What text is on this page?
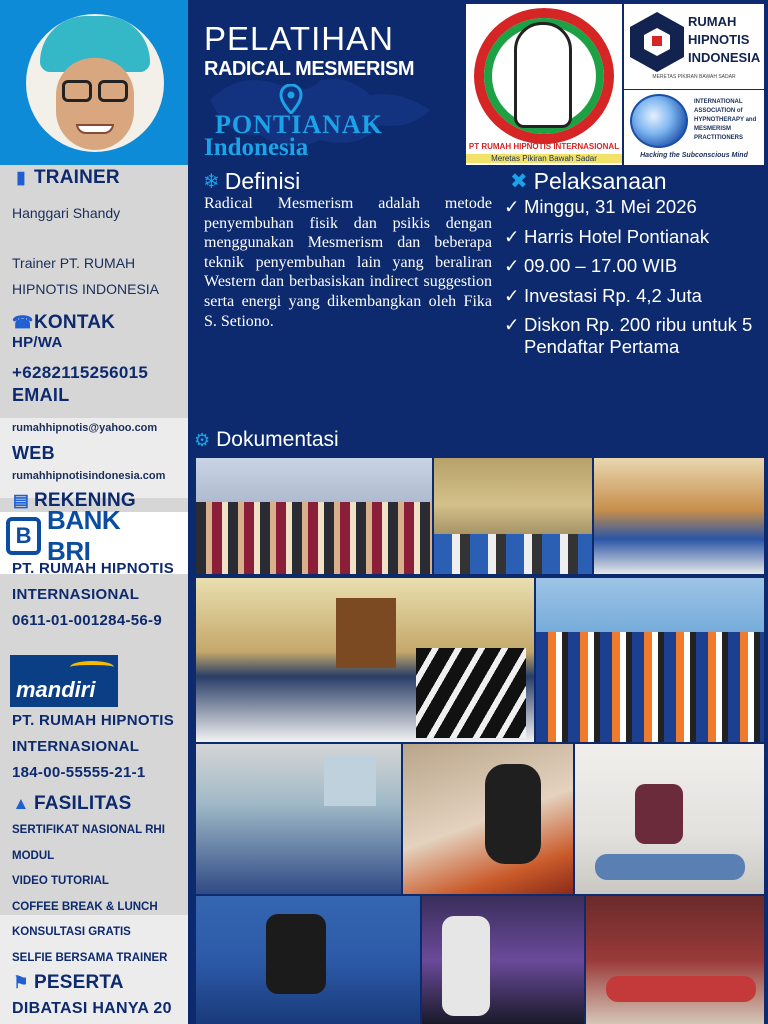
▮ TRAINER
Hanggari Shandy
Trainer PT. RUMAH
HIPNOTIS INDONESIA
☎ KONTAK
HP/WA
+6282115256015
EMAIL
rumahhipnotis@yahoo.com
WEB
rumahhipnotisindonesia.com
▤ REKENING
B
BANK BRI
PT. RUMAH HIPNOTIS
INTERNASIONAL
0611-01-001284-56-9
mandiri
PT. RUMAH HIPNOTIS
INTERNASIONAL
184-00-55555-21-1
▲ FASILITAS
SERTIFIKAT NASIONAL RHI
MODUL
VIDEO TUTORIAL
COFFEE BREAK & LUNCH
KONSULTASI GRATIS
SELFIE BERSAMA TRAINER
⚑ PESERTA
DIBATASI HANYA 20
PELATIHAN
RADICAL MESMERISM
PONTIANAK
Indonesia	PT RUMAH HIPNOTIS INTERNASIONAL
Meretas Pikiran Bawah Sadar
RUMAH
HIPNOTIS
INDONESIA
MERETAS PIKIRAN BAWAH SADAR
INTERNATIONAL ASSOCIATION of HYPNOTHERAPY and MESMERISM PRACTITIONERS
Hacking the Subconscious Mind
❄ Definisi
Radical Mesmerism adalah metode penyembuhan fisik dan psikis dengan menggunakan Mesmerism dan beberapa teknik penyembuhan lain yang beraliran Western dan berbasiskan indirect suggestion serta energi yang dikembangkan oleh Fika S. Setiono.
✖ Pelaksanaan
✓ Minggu, 31 Mei 2026
✓ Harris Hotel Pontianak
✓ 09.00 – 17.00 WIB
✓ Investasi Rp. 4,2 Juta
✓ Diskon Rp. 200 ribu untuk 5 Pendaftar Pertama
⚙ Dokumentasi
